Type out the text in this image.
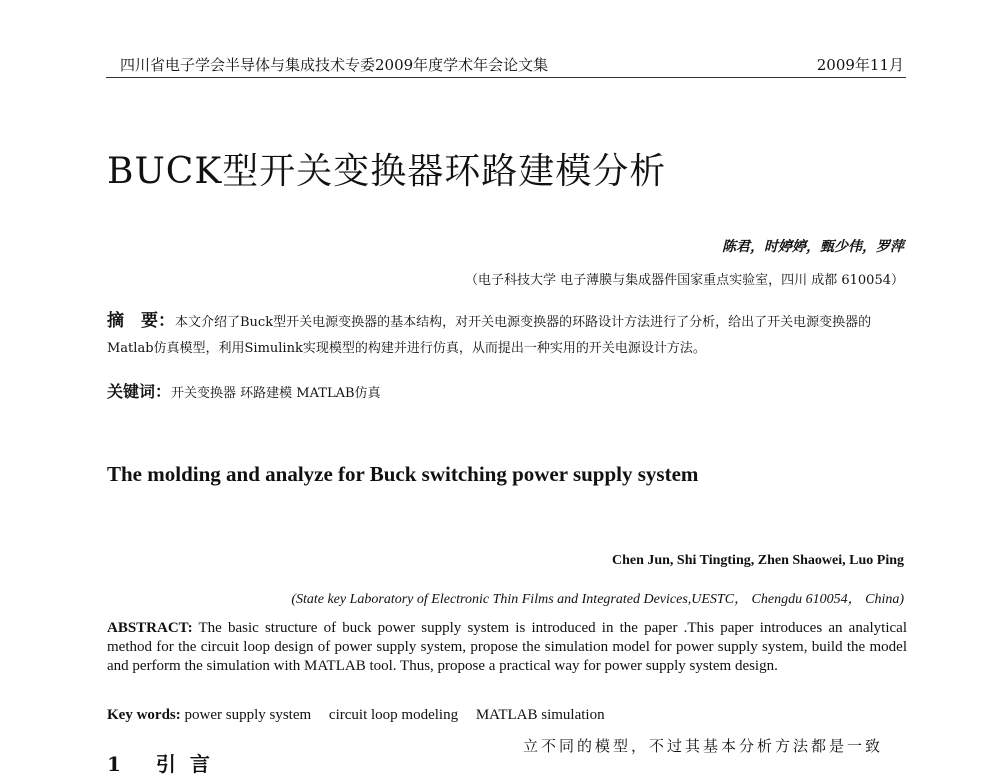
四川省电子学会半导体与集成技术专委2009年度学术年会论文集	2009年11月
BUCK型开关变换器环路建模分析
陈君，时婷婷，甄少伟，罗萍
（电子科技大学 电子薄膜与集成器件国家重点实验室，四川 成都 610054）
摘　要：本文介绍了Buck型开关电源变换器的基本结构，对开关电源变换器的环路设计方法进行了分析，给出了开关电源变换器的Matlab仿真模型，利用Simulink实现模型的构建并进行仿真，从而提出一种实用的开关电源设计方法。
关键词：开关变换器 环路建模 MATLAB仿真
The molding and analyze for Buck switching power supply system
Chen Jun, Shi Tingting, Zhen Shaowei, Luo Ping
(State key Laboratory of Electronic Thin Films and Integrated Devices,UESTC， Chengdu 610054， China)
ABSTRACT: The basic structure of buck power supply system is introduced in the paper .This paper introduces an analytical method for the circuit loop design of power supply system, propose the simulation model for power supply system, build the model and perform the simulation with MATLAB tool. Thus, propose a practical way for power supply system design.
Key words: power supply system circuit loop modeling MATLAB simulation
立不同的模型，不过其基本分析方法都是一致
1 引言
